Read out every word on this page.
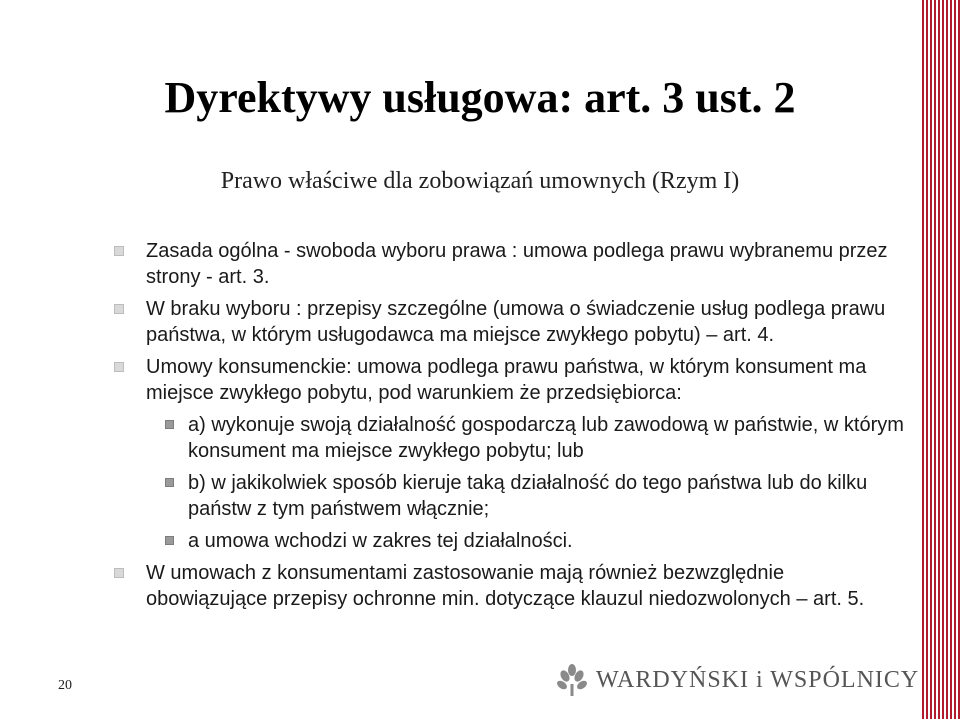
Dyrektywy usługowa: art. 3 ust. 2
Prawo właściwe dla zobowiązań umownych (Rzym I)
Zasada ogólna - swoboda wyboru prawa : umowa podlega prawu wybranemu przez strony - art. 3.
W braku wyboru : przepisy szczególne (umowa o świadczenie usług podlega prawu państwa, w którym usługodawca ma miejsce zwykłego pobytu) – art. 4.
Umowy konsumenckie: umowa podlega prawu państwa, w którym konsument ma miejsce zwykłego pobytu, pod warunkiem że przedsiębiorca:
a) wykonuje swoją działalność gospodarczą lub zawodową w państwie, w którym konsument ma miejsce zwykłego pobytu; lub
b) w jakikolwiek sposób kieruje taką działalność do tego państwa lub do kilku państw z tym państwem włącznie;
a umowa wchodzi w zakres tej działalności.
W umowach z konsumentami zastosowanie mają również bezwzględnie obowiązujące przepisy ochronne min. dotyczące klauzul niedozwolonych – art. 5.
20	WARDYŃSKI i WSPÓLNICY
